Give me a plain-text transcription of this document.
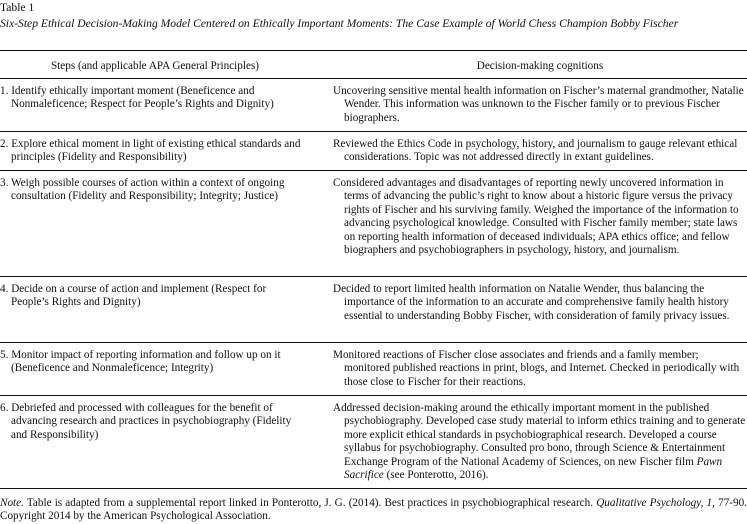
Table 1
Six-Step Ethical Decision-Making Model Centered on Ethically Important Moments: The Case Example of World Chess Champion Bobby Fischer
Steps (and applicable APA General Principles)	Decision-making cognitions
1. Identify ethically important moment (Beneficence and Nonmaleficence; Respect for People’s Rights and Dignity)
Uncovering sensitive mental health information on Fischer’s maternal grandmother, Natalie Wender. This information was unknown to the Fischer family or to previous Fischer biographers.
2. Explore ethical moment in light of existing ethical standards and principles (Fidelity and Responsibility)
Reviewed the Ethics Code in psychology, history, and journalism to gauge relevant ethical considerations. Topic was not addressed directly in extant guidelines.
3. Weigh possible courses of action within a context of ongoing consultation (Fidelity and Responsibility; Integrity; Justice)
Considered advantages and disadvantages of reporting newly uncovered information in terms of advancing the public’s right to know about a historic figure versus the privacy rights of Fischer and his surviving family. Weighed the importance of the information to advancing psychological knowledge. Consulted with Fischer family member; state laws on reporting health information of deceased individuals; APA ethics office; and fellow biographers and psychobiographers in psychology, history, and journalism.
4. Decide on a course of action and implement (Respect for People’s Rights and Dignity)
Decided to report limited health information on Natalie Wender, thus balancing the importance of the information to an accurate and comprehensive family health history essential to understanding Bobby Fischer, with consideration of family privacy issues.
5. Monitor impact of reporting information and follow up on it (Beneficence and Nonmaleficence; Integrity)
Monitored reactions of Fischer close associates and friends and a family member; monitored published reactions in print, blogs, and Internet. Checked in periodically with those close to Fischer for their reactions.
6. Debriefed and processed with colleagues for the benefit of advancing research and practices in psychobiography (Fidelity and Responsibility)
Addressed decision-making around the ethically important moment in the published psychobiography. Developed case study material to inform ethics training and to generate more explicit ethical standards in psychobiographical research. Developed a course syllabus for psychobiography. Consulted pro bono, through Science & Entertainment Exchange Program of the National Academy of Sciences, on new Fischer film Pawn Sacrifice (see Ponterotto, 2016).
Note. Table is adapted from a supplemental report linked in Ponterotto, J. G. (2014). Best practices in psychobiographical research. Qualitative Psychology, 1, 77-90. Copyright 2014 by the American Psychological Association.
